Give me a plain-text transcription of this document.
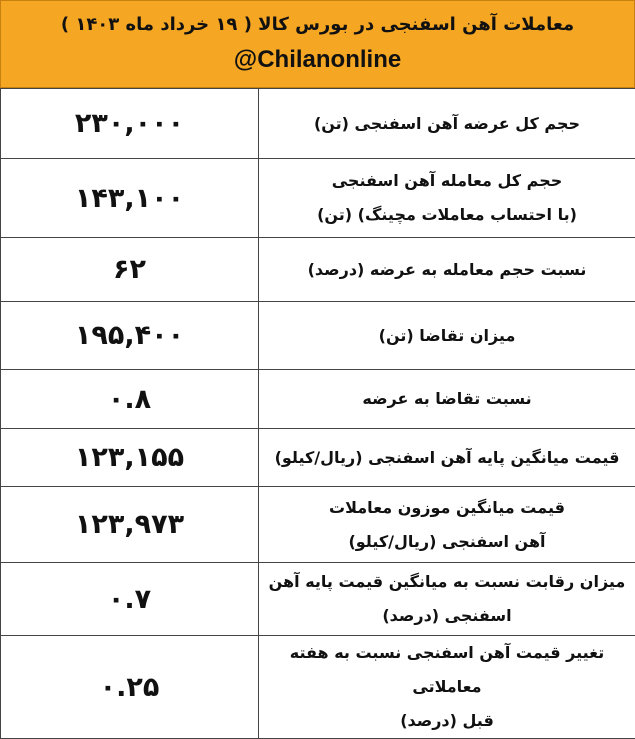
معاملات آهن اسفنجی در بورس کالا ( ۱۹ خرداد ماه ۱۴۰۳ )
@Chilanonline
۲۳۰,۰۰۰	حجم کل عرضه آهن اسفنجی (تن)

۱۴۳,۱۰۰	حجم کل معامله آهن اسفنجی
(با احتساب معاملات مچینگ) (تن)

۶۲	نسبت حجم معامله به عرضه (درصد)

۱۹۵,۴۰۰	میزان تقاضا (تن)

۰.۸	نسبت تقاضا به عرضه

۱۲۳,۱۵۵	قیمت میانگین پایه آهن اسفنجی (ریال/کیلو)

۱۲۳,۹۷۳	قیمت میانگین موزون معاملات
آهن اسفنجی (ریال/کیلو)

۰.۷	میزان رقابت نسبت به میانگین قیمت پایه آهن
اسفنجی (درصد)

۰.۲۵	تغییر قیمت آهن اسفنجی نسبت به هفته معاملاتی
قبل (درصد)
